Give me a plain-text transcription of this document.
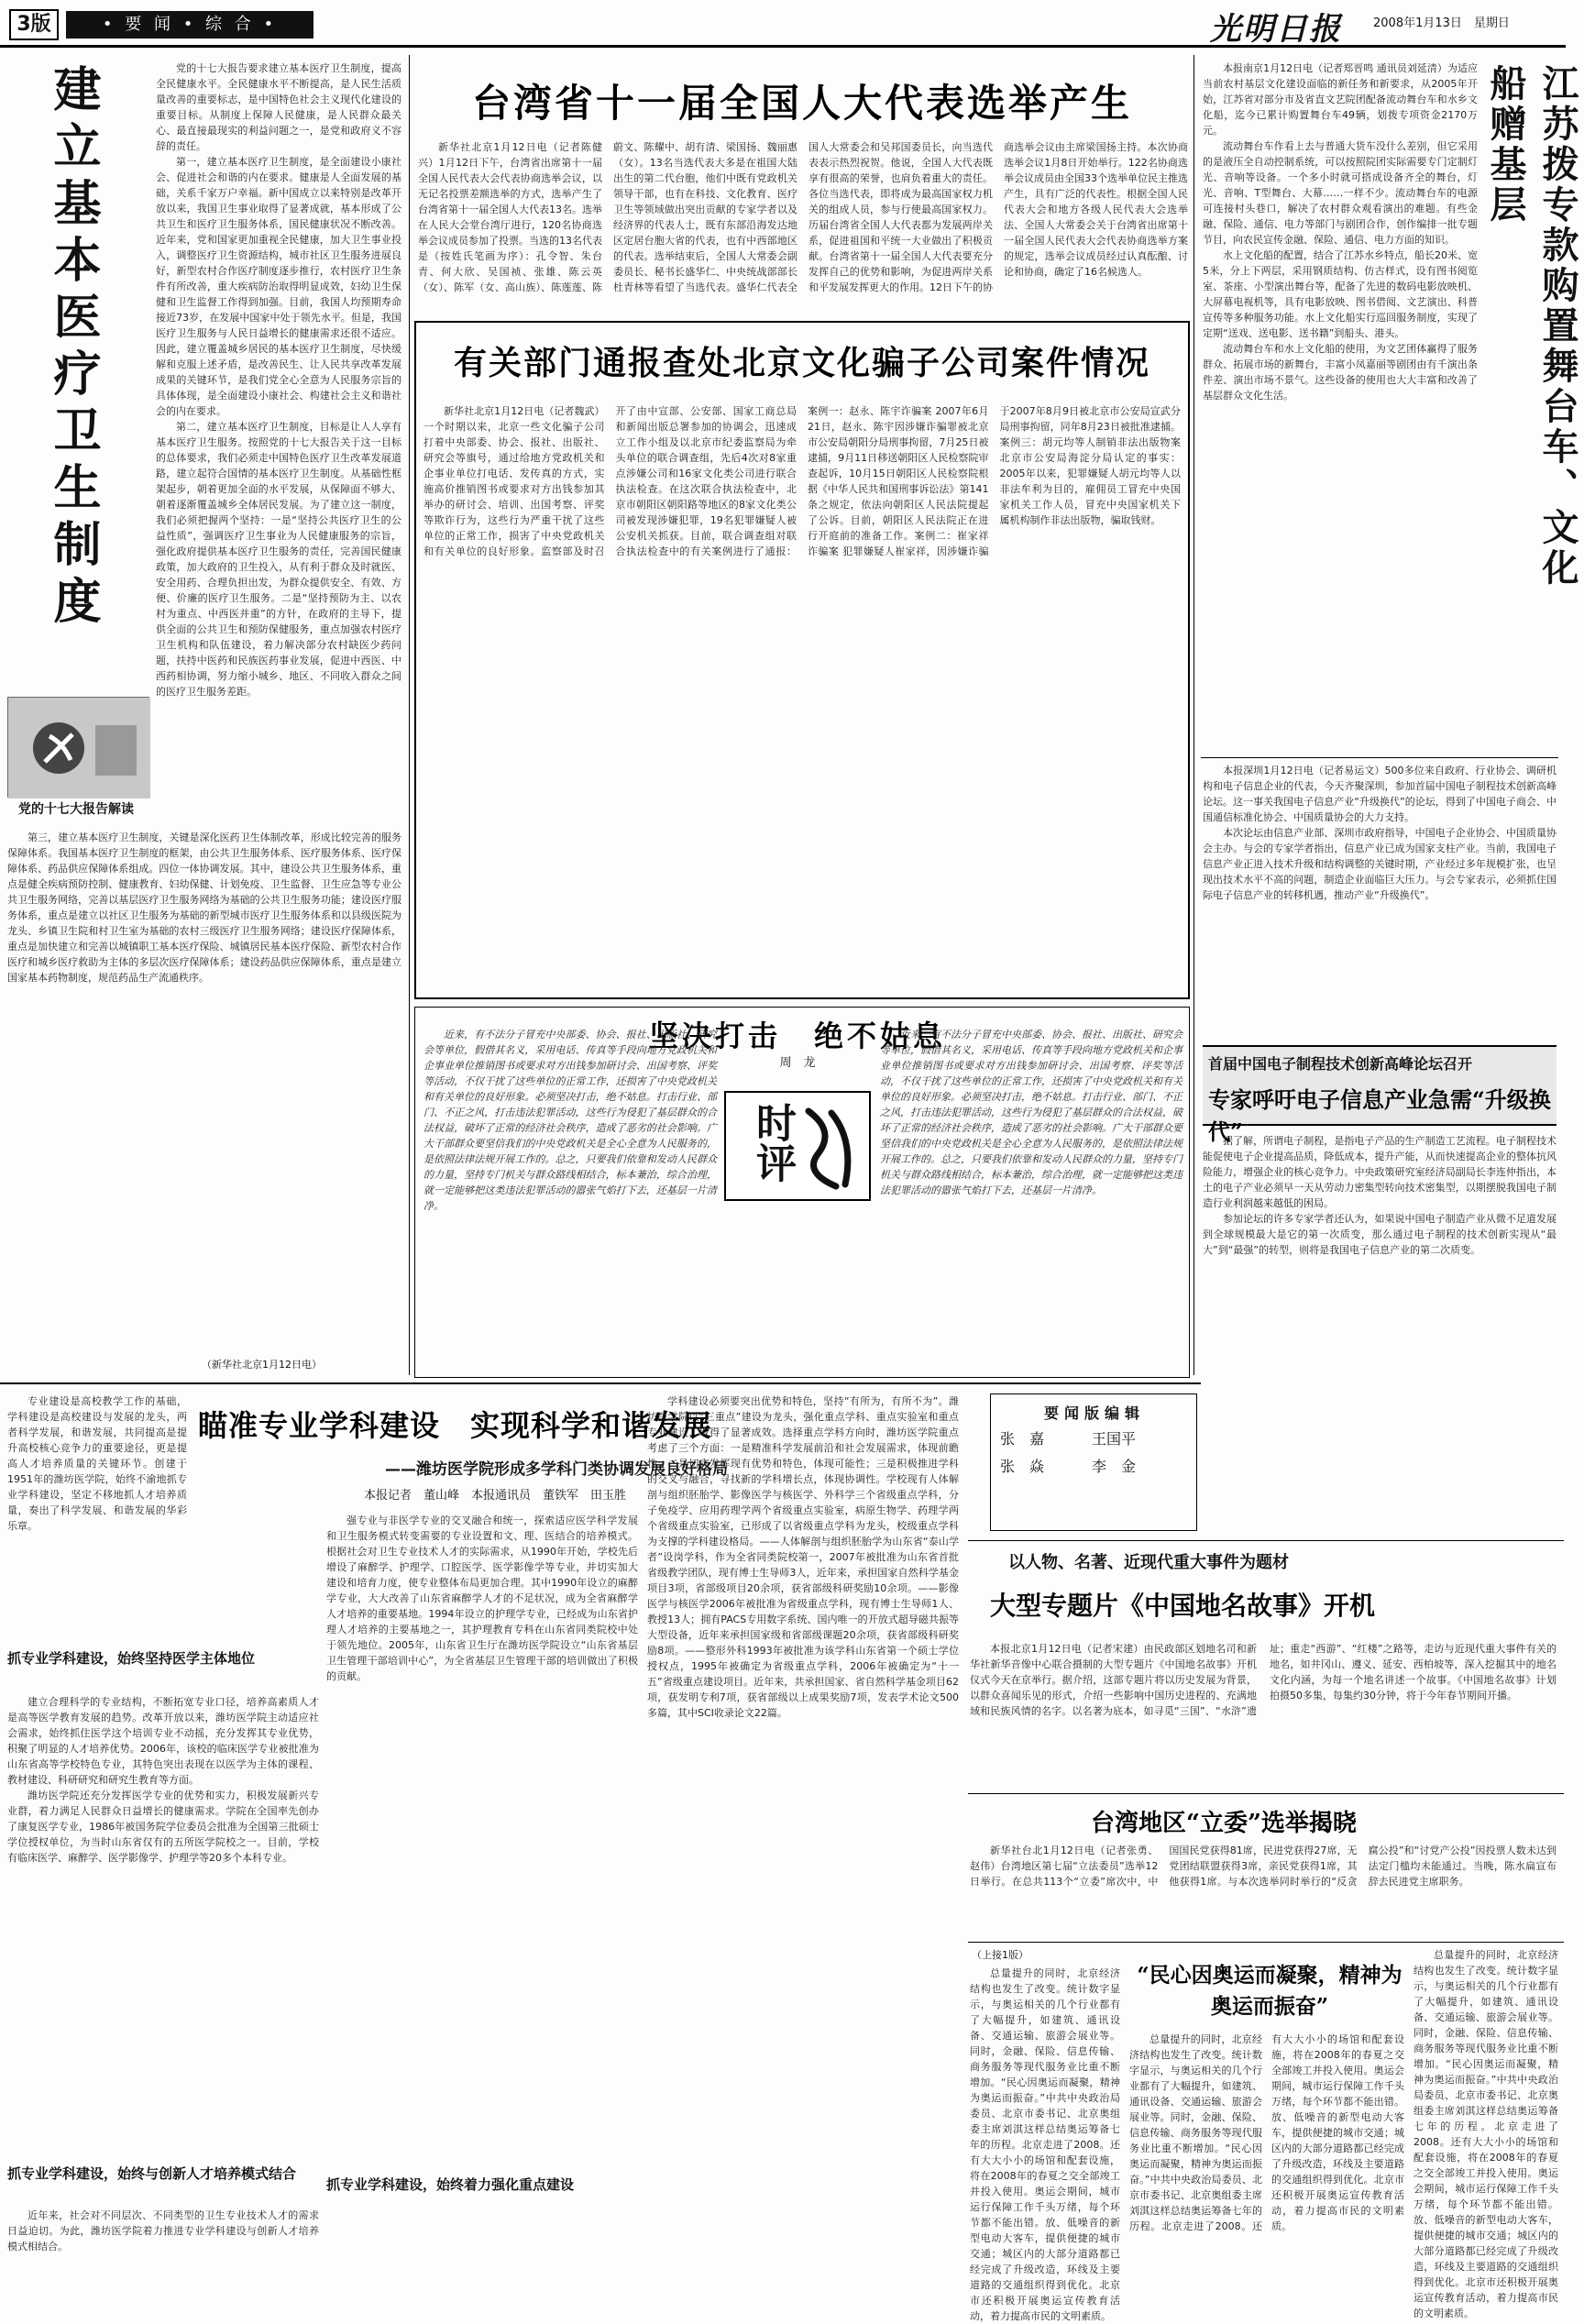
3版	• 要 闻 • 综 合 •	光明日报	2008年1月13日　星期日
建立基本医疗卫生制度
党的十七大报告解读

党的十七大报告要求建立基本医疗卫生制度，提高全民健康水平。全民健康水平不断提高，是人民生活质量改善的重要标志，是中国特色社会主义现代化建设的重要目标。从制度上保障人民健康，是人民群众最关心、最直接最现实的利益问题之一，是党和政府义不容辞的责任。

第一，建立基本医疗卫生制度，是全面建设小康社会、促进社会和谐的内在要求。健康是人全面发展的基础，关系千家万户幸福。新中国成立以来特别是改革开放以来，我国卫生事业取得了显著成就，基本形成了公共卫生和医疗卫生服务体系，国民健康状况不断改善。近年来，党和国家更加重视全民健康，加大卫生事业投入，调整医疗卫生资源结构，城市社区卫生服务进展良好，新型农村合作医疗制度逐步推行，农村医疗卫生条件有所改善，重大疾病防治取得明显成效，妇幼卫生保健和卫生监督工作得到加强。目前，我国人均预期寿命接近73岁，在发展中国家中处于领先水平。但是，我国医疗卫生服务与人民日益增长的健康需求还很不适应。因此，建立覆盖城乡居民的基本医疗卫生制度，尽快缓解和克服上述矛盾，是改善民生、让人民共享改革发展成果的关键环节，是我们党全心全意为人民服务宗旨的具体体现，是全面建设小康社会、构建社会主义和谐社会的内在要求。

第二，建立基本医疗卫生制度，目标是让人人享有基本医疗卫生服务。按照党的十七大报告关于这一目标的总体要求，我们必须走中国特色医疗卫生改革发展道路，建立起符合国情的基本医疗卫生制度。从基础性框架起步，朝着更加全面的水平发展，从保障面不够大、朝着逐渐覆盖城乡全体居民发展。为了建立这一制度，我们必须把握两个坚持：一是“坚持公共医疗卫生的公益性质”，强调医疗卫生事业为人民健康服务的宗旨，强化政府提供基本医疗卫生服务的责任，完善国民健康政策，加大政府的卫生投入，从有利于群众及时就医、安全用药、合理负担出发，为群众提供安全、有效、方便、价廉的医疗卫生服务。二是“坚持预防为主、以农村为重点、中西医并重”的方针，在政府的主导下，提供全面的公共卫生和预防保健服务，重点加强农村医疗卫生机构和队伍建设，着力解决部分农村缺医少药问题，扶持中医药和民族医药事业发展，促进中西医、中西药相协调，努力缩小城乡、地区、不同收入群众之间的医疗卫生服务差距。

第三，建立基本医疗卫生制度，关键是深化医药卫生体制改革，形成比较完善的服务保障体系。我国基本医疗卫生制度的框架，由公共卫生服务体系、医疗服务体系、医疗保障体系、药品供应保障体系组成。四位一体协调发展。其中，建设公共卫生服务体系，重点是健全疾病预防控制、健康教育、妇幼保健、计划免疫、卫生监督、卫生应急等专业公共卫生服务网络，完善以基层医疗卫生服务网络为基础的公共卫生服务功能；建设医疗服务体系，重点是建立以社区卫生服务为基础的新型城市医疗卫生服务体系和以县级医院为龙头、乡镇卫生院和村卫生室为基础的农村三级医疗卫生服务网络；建设医疗保障体系，重点是加快建立和完善以城镇职工基本医疗保险、城镇居民基本医疗保险、新型农村合作医疗和城乡医疗救助为主体的多层次医疗保障体系；建设药品供应保障体系，重点是建立国家基本药物制度，规范药品生产流通秩序。

（新华社北京1月12日电）
台湾省十一届全国人大代表选举产生

新华社北京1月12日电（记者陈健兴）1月12日下午，台湾省出席第十一届全国人民代表大会代表协商选举会议，以无记名投票差额选举的方式，选举产生了台湾省第十一届全国人大代表13名。选举在人民大会堂台湾厅进行，120名协商选举会议成员参加了投票。当选的13名代表是（按姓氏笔画为序）：孔令智、朱台青、何大欣、吴国祯、张雄、陈云英（女）、陈军（女、高山族）、陈莲莲、陈蔚文、陈耀中、胡有清、梁国扬、魏丽惠（女）。13名当选代表大多是在祖国大陆出生的第二代台胞，他们中既有党政机关领导干部，也有在科技、文化教育、医疗卫生等领域做出突出贡献的专家学者以及经济界的代表人士，既有东部沿海发达地区定居台胞大省的代表，也有中西部地区的代表。选举结束后，全国人大常委会副委员长、秘书长盛华仁、中央统战部部长杜青林等看望了当选代表。盛华仁代表全国人大常委会和吴邦国委员长，向当选代表表示热烈祝贺。他说，全国人大代表既享有很高的荣誉，也肩负着重大的责任。各位当选代表，即将成为最高国家权力机关的组成人员，参与行使最高国家权力。历届台湾省全国人大代表都为发展两岸关系，促进祖国和平统一大业做出了积极贡献。台湾省第十一届全国人大代表要充分发挥自己的优势和影响，为促进两岸关系和平发展发挥更大的作用。12日下午的协商选举会议由主席梁国扬主持。本次协商选举会议1月8日开始举行。122名协商选举会议成员由全国33个选举单位民主推选产生，具有广泛的代表性。根据全国人民代表大会和地方各级人民代表大会选举法、全国人大常委会关于台湾省出席第十一届全国人民代表大会代表协商选举方案的规定，选举会议成员经过认真酝酿、讨论和协商，确定了16名候选人。

有关部门通报查处北京文化骗子公司案件情况

新华社北京1月12日电（记者魏武）一个时期以来，北京一些文化骗子公司打着中央部委、协会、报社、出版社、研究会等旗号，通过给地方党政机关和企事业单位打电话、发传真的方式，实施高价推销图书或要求对方出钱参加其举办的研讨会、培训、出国考察、评奖等欺诈行为，这些行为严重干扰了这些单位的正常工作，损害了中央党政机关和有关单位的良好形象。监察部及时召开了由中宣部、公安部、国家工商总局和新闻出版总署参加的协调会，迅速成立工作小组及以北京市纪委监察局为牵头单位的联合调查组，先后4次对8家重点涉嫌公司和16家文化类公司进行联合执法检查。在这次联合执法检查中，北京市朝阳区朝阳路等地区的8家文化类公司被发现涉嫌犯罪，19名犯罪嫌疑人被公安机关抓获。目前，联合调查组对联合执法检查中的有关案例进行了通报：案例一：赵永、陈宇诈骗案 2007年6月21日，赵永、陈宇因涉嫌诈骗罪被北京市公安局朝阳分局刑事拘留，7月25日被逮捕，9月11日移送朝阳区人民检察院审查起诉，10月15日朝阳区人民检察院根据《中华人民共和国刑事诉讼法》第141条之规定，依法向朝阳区人民法院提起了公诉。目前，朝阳区人民法院正在进行开庭前的准备工作。案例二：崔家祥诈骗案 犯罪嫌疑人崔家祥，因涉嫌诈骗于2007年8月9日被北京市公安局宣武分局刑事拘留，同年8月23日被批准逮捕。案例三：胡元均等人制销非法出版物案 北京市公安局海淀分局认定的事实：2005年以来，犯罪嫌疑人胡元均等人以非法牟利为目的，雇佣员工冒充中央国家机关工作人员，冒充中央国家机关下属机构制作非法出版物，骗取钱财。

坚决打击　绝不姑息
周　龙
时评

近来，有不法分子冒充中央部委、协会、报社、出版社、研究会等单位，假借其名义，采用电话、传真等手段向地方党政机关和企事业单位推销图书或要求对方出钱参加研讨会、出国考察、评奖等活动，不仅干扰了这些单位的正常工作，还损害了中央党政机关和有关单位的良好形象。必须坚决打击，绝不姑息。打击行业、部门、不正之风，打击违法犯罪活动，这些行为侵犯了基层群众的合法权益，破坏了正常的经济社会秩序，造成了恶劣的社会影响。广大干部群众要坚信我们的中央党政机关是全心全意为人民服务的，是依照法律法规开展工作的。总之，只要我们依靠和发动人民群众的力量，坚持专门机关与群众路线相结合，标本兼治，综合治理，就一定能够把这类违法犯罪活动的嚣张气焰打下去，还基层一片清净。

近来，有不法分子冒充中央部委、协会、报社、出版社、研究会等单位，假借其名义，采用电话、传真等手段向地方党政机关和企事业单位推销图书或要求对方出钱参加研讨会、出国考察、评奖等活动，不仅干扰了这些单位的正常工作，还损害了中央党政机关和有关单位的良好形象。必须坚决打击，绝不姑息。打击行业、部门、不正之风，打击违法犯罪活动，这些行为侵犯了基层群众的合法权益，破坏了正常的经济社会秩序，造成了恶劣的社会影响。广大干部群众要坚信我们的中央党政机关是全心全意为人民服务的，是依照法律法规开展工作的。总之，只要我们依靠和发动人民群众的力量，坚持专门机关与群众路线相结合，标本兼治，综合治理，就一定能够把这类违法犯罪活动的嚣张气焰打下去，还基层一片清净。

江苏拨专款购置舞台车、文化船赠基层

本报南京1月12日电（记者郑晋鸣 通讯员刘延清）为适应当前农村基层文化建设面临的新任务和新要求，从2005年开始，江苏省对部分市及省直文艺院团配备流动舞台车和水乡文化船，迄今已累计购置舞台车49辆，划拨专项资金2170万元。

流动舞台车作看上去与普通大货车没什么差别，但它采用的是液压全自动控制系统，可以按照院团实际需要专门定制灯光、音响等设备。一个多小时就可搭成设备齐全的舞台，灯光、音响、T型舞台、大幕……一样不少。流动舞台车的电源可连接村头巷口，解决了农村群众观看演出的难题。有些金融、保险、通信、电力等部门与剧团合作，创作编排一批专题节目，向农民宣传金融、保险、通信、电力方面的知识。

水上文化船的配置，结合了江苏水乡特点，船长20米、宽5米，分上下两层，采用钢质结构、仿古样式，设有图书阅览室、茶座、小型演出舞台等，配备了先进的数码电影放映机、大屏幕电视机等，具有电影放映、图书借阅、文艺演出、科普宣传等多种服务功能。水上文化船实行巡回服务制度，实现了定期“送戏、送电影、送书籍”到船头、港头。

流动舞台车和水上文化船的使用，为文艺团体赢得了服务群众、拓展市场的新舞台，丰富小凤嘉丽等剧团由有千演出条件差、演出市场不景气。这些设备的使用也大大丰富和改善了基层群众文化生活。

本报深圳1月12日电（记者易运文）500多位来自政府、行业协会、调研机构和电子信息企业的代表，今天齐聚深圳，参加首届中国电子制程技术创新高峰论坛。这一事关我国电子信息产业“升级换代”的论坛，得到了中国电子商会、中国通信标准化协会、中国质量协会的大力支持。

本次论坛由信息产业部、深圳市政府指导，中国电子企业协会、中国质量协会主办。与会的专家学者指出，信息产业已成为国家支柱产业。当前，我国电子信息产业正进入技术升级和结构调整的关键时期，产业经过多年规模扩张，也呈现出技术水平不高的问题，制造企业面临巨大压力。与会专家表示，必须抓住国际电子信息产业的转移机遇，推动产业“升级换代”。

首届中国电子制程技术创新高峰论坛召开
专家呼吁电子信息产业急需“升级换代”

据了解，所谓电子制程，是指电子产品的生产制造工艺流程。电子制程技术能促使电子企业提高品质，降低成本，提升产能，从而快速提高企业的整体抗风险能力，增强企业的核心竞争力。中央政策研究室经济局副局长李连仲指出，本土的电子产业必须早一天从劳动力密集型转向技术密集型，以期摆脱我国电子制造行业利润越来越低的困局。

参加论坛的许多专家学者还认为，如果说中国电子制造产业从微不足道发展到全球规模最大是它的第一次质变，那么通过电子制程的技术创新实现从“最大”到“最强”的转型，则将是我国电子信息产业的第二次质变。

专业建设是高校教学工作的基础，学科建设是高校建设与发展的龙头，两者科学发展，和谐发展，共同提高是提升高校核心竞争力的重要途径，更是提高人才培养质量的关键环节。创建于1951年的潍坊医学院，始终不渝地抓专业学科建设，坚定不移地抓人才培养质量，奏出了科学发展、和谐发展的华彩乐章。

瞄准专业学科建设　实现科学和谐发展
——潍坊医学院形成多学科门类协调发展良好格局
本报记者　董山峰　本报通讯员　董铁军　田玉胜
抓专业学科建设，始终坚持医学主体地位

建立合理科学的专业结构，不断拓宽专业口径，培养高素质人才是高等医学教育发展的趋势。改革开放以来，潍坊医学院主动适应社会需求，始终抓住医学这个培训专业不动摇，充分发挥其专业优势，积聚了明显的人才培养优势。2006年，该校的临床医学专业被批准为山东省高等学校特色专业，其特色突出表现在以医学为主体的课程、教材建设、科研研究和研究生教育等方面。

潍坊医学院还充分发挥医学专业的优势和实力，积极发展新兴专业群，着力满足人民群众日益增长的健康需求。学院在全国率先创办了康复医学专业，1986年被国务院学位委员会批准为全国第三批硕士学位授权单位，为当时山东省仅有的五所医学院校之一。目前，学校有临床医学、麻醉学、医学影像学、护理学等20多个本科专业。

抓专业学科建设，始终与创新人才培养模式结合

近年来，社会对不同层次、不同类型的卫生专业技术人才的需求日益迫切。为此，潍坊医学院着力推进专业学科建设与创新人才培养模式相结合。

强专业与非医学专业的交叉融合和统一，探索适应医学科学发展和卫生服务模式转变需要的专业设置和文、理、医结合的培养模式。根据社会对卫生专业技术人才的实际需求，从1990年开始，学校先后增设了麻醉学、护理学、口腔医学、医学影像学等专业，并切实加大建设和培育力度，使专业整体布局更加合理。其中1990年设立的麻醉学专业，大大改善了山东省麻醉学人才的不足状况，成为全省麻醉学人才培养的重要基地。1994年设立的护理学专业，已经成为山东省护理人才培养的主要基地之一，其护理教育专科在山东省同类院校中处于领先地位。2005年，山东省卫生厅在潍坊医学院设立“山东省基层卫生管理干部培训中心”，为全省基层卫生管理干部的培训做出了积极的贡献。

抓专业学科建设，始终着力强化重点建设

学科建设必须要突出优势和特色，坚持“有所为，有所不为”。潍坊医学院以“三重点”建设为龙头，强化重点学科、重点实验室和重点专业建设，取得了显著成效。选择重点学科方向时，潍坊医学院重点考虑了三个方面：一是精准科学发展前沿和社会发展需求，体现前瞻性；二是切实发挥现有优势和特色，体现可能性；三是积极推进学科的交叉与融合，寻找新的学科增长点，体现协调性。学校现有人体解剖与组织胚胎学、影像医学与核医学、外科学三个省级重点学科，分子免疫学、应用药理学两个省级重点实验室，病原生物学、药理学两个省级重点实验室，已形成了以省级重点学科为龙头，校级重点学科为支撑的学科建设格局。——人体解剖与组织胚胎学为山东省“泰山学者”设岗学科，作为全省同类院校第一，2007年被批准为山东省首批省级教学团队，现有博士生导师3人，近年来，承担国家自然科学基金项目3项，省部级项目20余项，获省部级科研奖励10余项。——影像医学与核医学2006年被批准为省级重点学科，现有博士生导师1人、教授13人；拥有PACS专用数字系统、国内唯一的开放式超导磁共振等大型设备，近年来承担国家级和省部级课题20余项，获省部级科研奖励8项。——整形外科1993年被批准为该学科山东省第一个硕士学位授权点，1995年被确定为省级重点学科，2006年被确定为“十一五”省级重点建设项目。近年来，共承担国家、省自然科学基金项目62项，获发明专利7项，获省部级以上成果奖励7项，发表学术论文500多篇，其中SCI收录论文22篇。

要闻版编辑
张　嘉	王国平
张　焱	李　金
以人物、名著、近现代重大事件为题材
大型专题片《中国地名故事》开机

本报北京1月12日电（记者宋建）由民政部区划地名司和新华社新华音像中心联合摄制的大型专题片《中国地名故事》开机仪式今天在京举行。据介绍，这部专题片将以历史发展为背景，以群众喜闻乐见的形式，介绍一些影响中国历史进程的、充满地域和民族风情的名字。以名著为底本，如寻觅“三国”、“水浒”遗址；重走“西游”、“红楼”之路等，走访与近现代重大事件有关的地名，如井冈山、遵义、延安、西柏坡等，深入挖掘其中的地名文化内涵，为每一个地名讲述一个故事。《中国地名故事》计划拍摄50多集，每集约30分钟，将于今年春节期间开播。

台湾地区“立委”选举揭晓

新华社台北1月12日电（记者张勇、赵伟）台湾地区第七届“立法委员”选举12日举行。在总共113个“立委”席次中，中国国民党获得81席，民进党获得27席，无党团结联盟获得3席，亲民党获得1席，其他获得1席。与本次选举同时举行的“反贪腐公投”和“讨党产公投”因投票人数未达到法定门槛均未能通过。当晚，陈水扁宣布辞去民进党主席职务。

（上接1版）
“民心因奥运而凝聚，精神为奥运而振奋”

总量提升的同时，北京经济结构也发生了改变。统计数字显示，与奥运相关的几个行业都有了大幅提升，如建筑、通讯设备、交通运输、旅游会展业等。同时，金融、保险、信息传输、商务服务等现代服务业比重不断增加。“民心因奥运而凝聚，精神为奥运而振奋。”中共中央政治局委员、北京市委书记、北京奥组委主席刘淇这样总结奥运筹备七年的历程。北京走进了2008。还有大大小小的场馆和配套设施，将在2008年的春夏之交全部竣工并投入使用。奥运会期间，城市运行保障工作千头万绪，每个环节都不能出错。放、低噪音的新型电动大客车，提供便捷的城市交通；城区内的大部分道路都已经完成了升级改造，环线及主要道路的交通组织得到优化。北京市还积极开展奥运宣传教育活动，着力提高市民的文明素质。

总量提升的同时，北京经济结构也发生了改变。统计数字显示，与奥运相关的几个行业都有了大幅提升，如建筑、通讯设备、交通运输、旅游会展业等。同时，金融、保险、信息传输、商务服务等现代服务业比重不断增加。“民心因奥运而凝聚，精神为奥运而振奋。”中共中央政治局委员、北京市委书记、北京奥组委主席刘淇这样总结奥运筹备七年的历程。北京走进了2008。还有大大小小的场馆和配套设施，将在2008年的春夏之交全部竣工并投入使用。奥运会期间，城市运行保障工作千头万绪，每个环节都不能出错。放、低噪音的新型电动大客车，提供便捷的城市交通；城区内的大部分道路都已经完成了升级改造，环线及主要道路的交通组织得到优化。北京市还积极开展奥运宣传教育活动，着力提高市民的文明素质。

总量提升的同时，北京经济结构也发生了改变。统计数字显示，与奥运相关的几个行业都有了大幅提升，如建筑、通讯设备、交通运输、旅游会展业等。同时，金融、保险、信息传输、商务服务等现代服务业比重不断增加。“民心因奥运而凝聚，精神为奥运而振奋。”中共中央政治局委员、北京市委书记、北京奥组委主席刘淇这样总结奥运筹备七年的历程。北京走进了2008。还有大大小小的场馆和配套设施，将在2008年的春夏之交全部竣工并投入使用。奥运会期间，城市运行保障工作千头万绪，每个环节都不能出错。放、低噪音的新型电动大客车，提供便捷的城市交通；城区内的大部分道路都已经完成了升级改造，环线及主要道路的交通组织得到优化。北京市还积极开展奥运宣传教育活动，着力提高市民的文明素质。
